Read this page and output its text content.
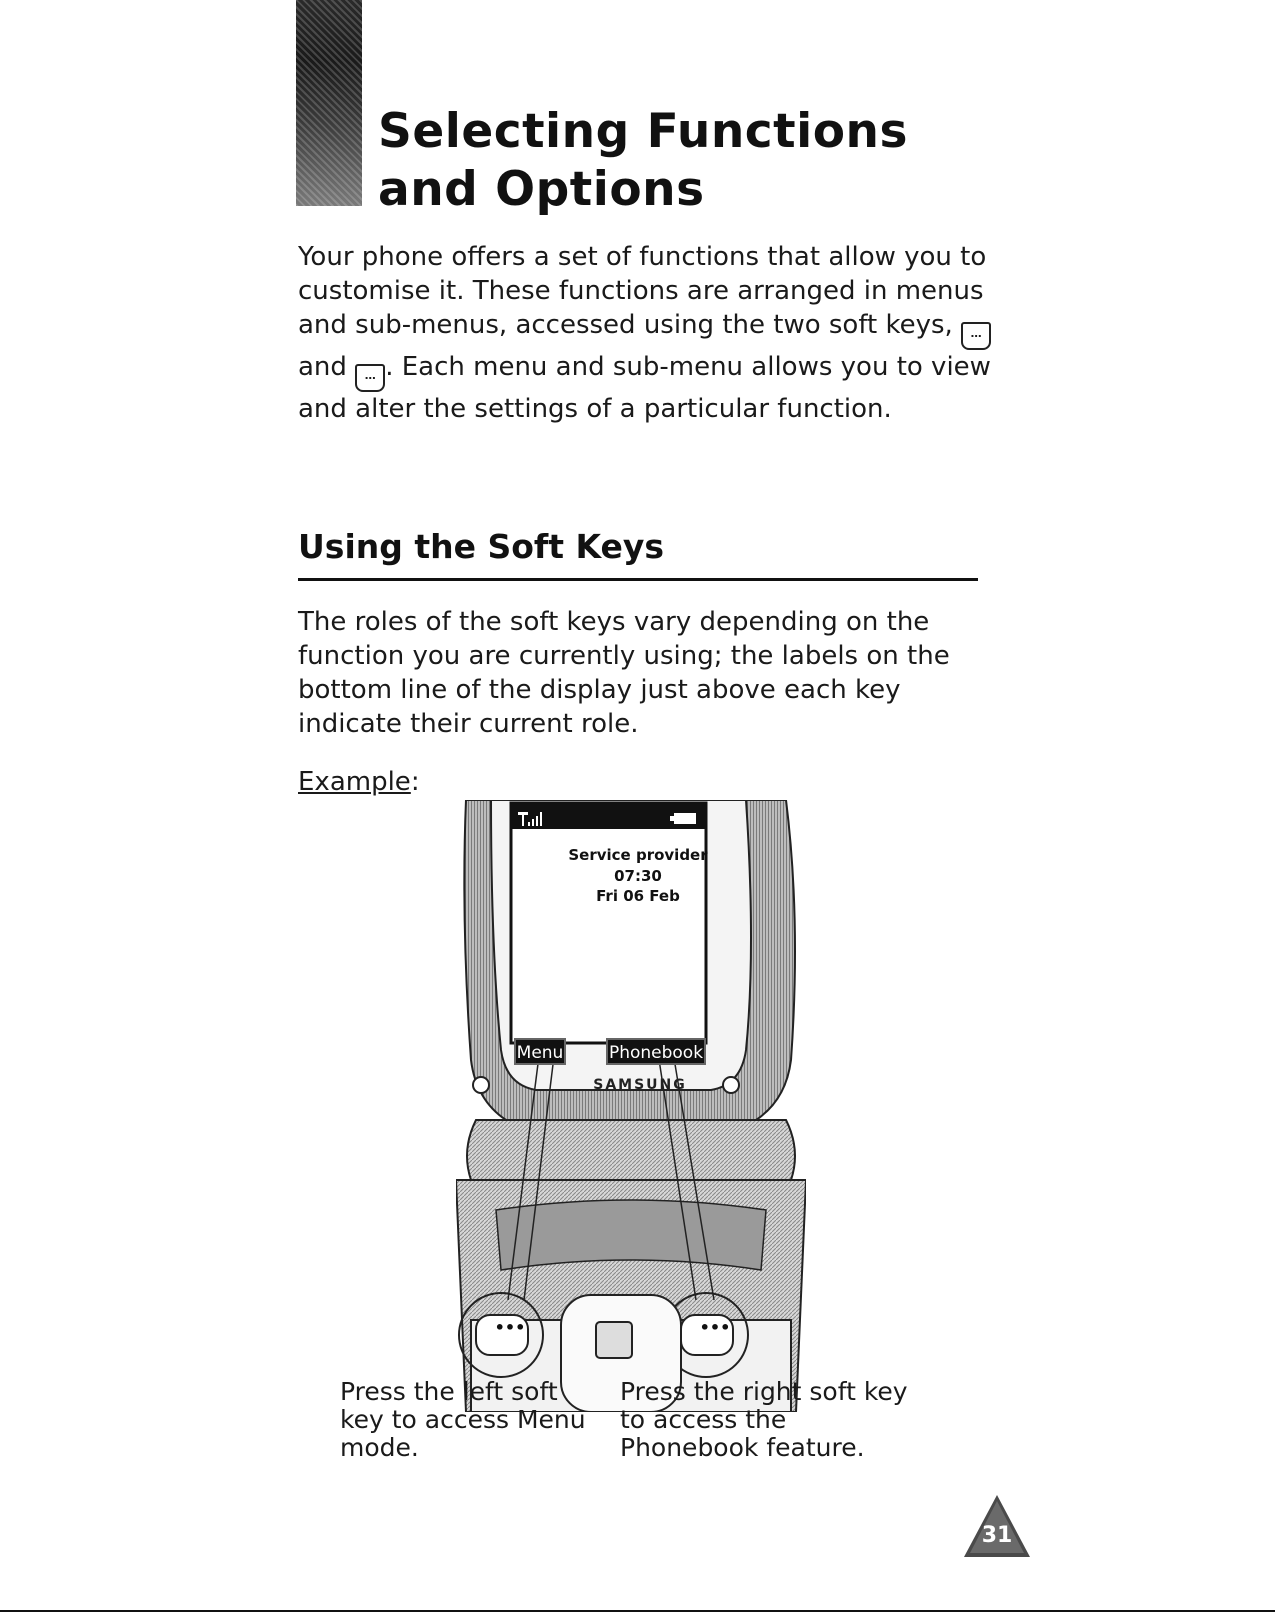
Selecting Functions
and Options

Your phone offers a set of functions that allow you to customise it. These functions are arranged in menus and sub-menus, accessed using the two soft keys, … and … . Each menu and sub-menu allows you to view and alter the settings of a particular function.

Using the Soft Keys

The roles of the soft keys vary depending on the function you are currently using; the labels on the bottom line of the display just above each key indicate their current role.

Example:

Service provider
07:30
Fri 06 Feb
Menu	Phonebook
SAMSUNG
•••	•••

Press the left soft
key to access Menu
mode.

Press the right soft key
to access the
Phonebook feature.

31
